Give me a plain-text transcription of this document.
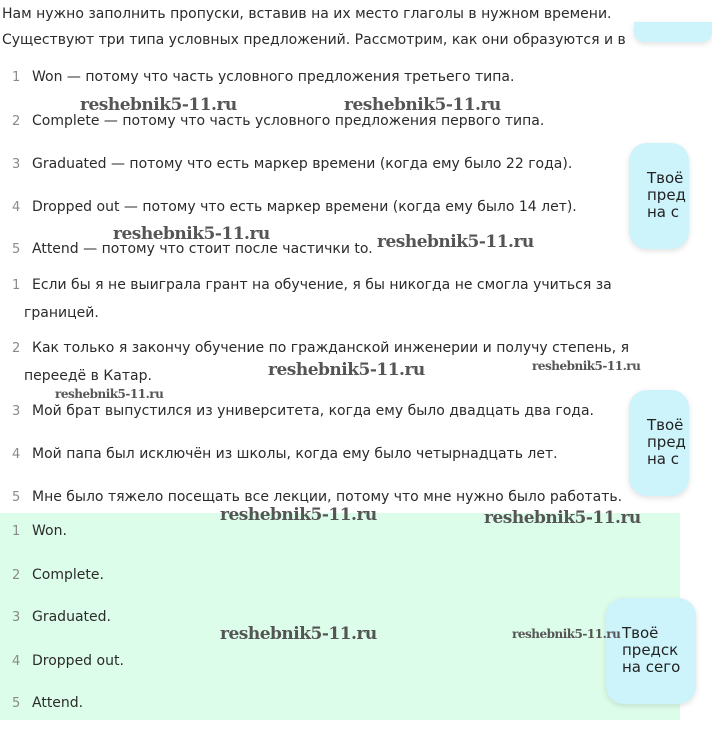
Нам нужно заполнить пропуски, вставив на их место глаголы в нужном времени.
Существуют три типа условных предложений. Рассмотрим, как они образуются и в
1 Won — потому что часть условного предложения третьего типа.
2 Complete — потому что часть условного предложения первого типа.
3 Graduated — потому что есть маркер времени (когда ему было 22 года).
4 Dropped out — потому что есть маркер времени (когда ему было 14 лет).
5 Attend — потому что стоит после частички to.
1 Если бы я не выиграла грант на обучение, я бы никогда не смогла учиться за
границей.
2 Как только я закончу обучение по гражданской инженерии и получу степень, я
переедё в Катар.
3 Мой брат выпустился из университета, когда ему было двадцать два года.
4 Мой папа был исключён из школы, когда ему было четырнадцать лет.
5 Мне было тяжело посещать все лекции, потому что мне нужно было работать.
1 Won.
2 Complete.
3 Graduated.
4 Dropped out.
5 Attend.
Твоё
пред
на с
Твоё
пред
на с
Твоё
предск
на сего
reshebnik5-11.ru	reshebnik5-11.ru
reshebnik5-11.ru	reshebnik5-11.ru
reshebnik5-11.ru	reshebnik5-11.ru
reshebnik5-11.ru
reshebnik5-11.ru	reshebnik5-11.ru
reshebnik5-11.ru	reshebnik5-11.ru
